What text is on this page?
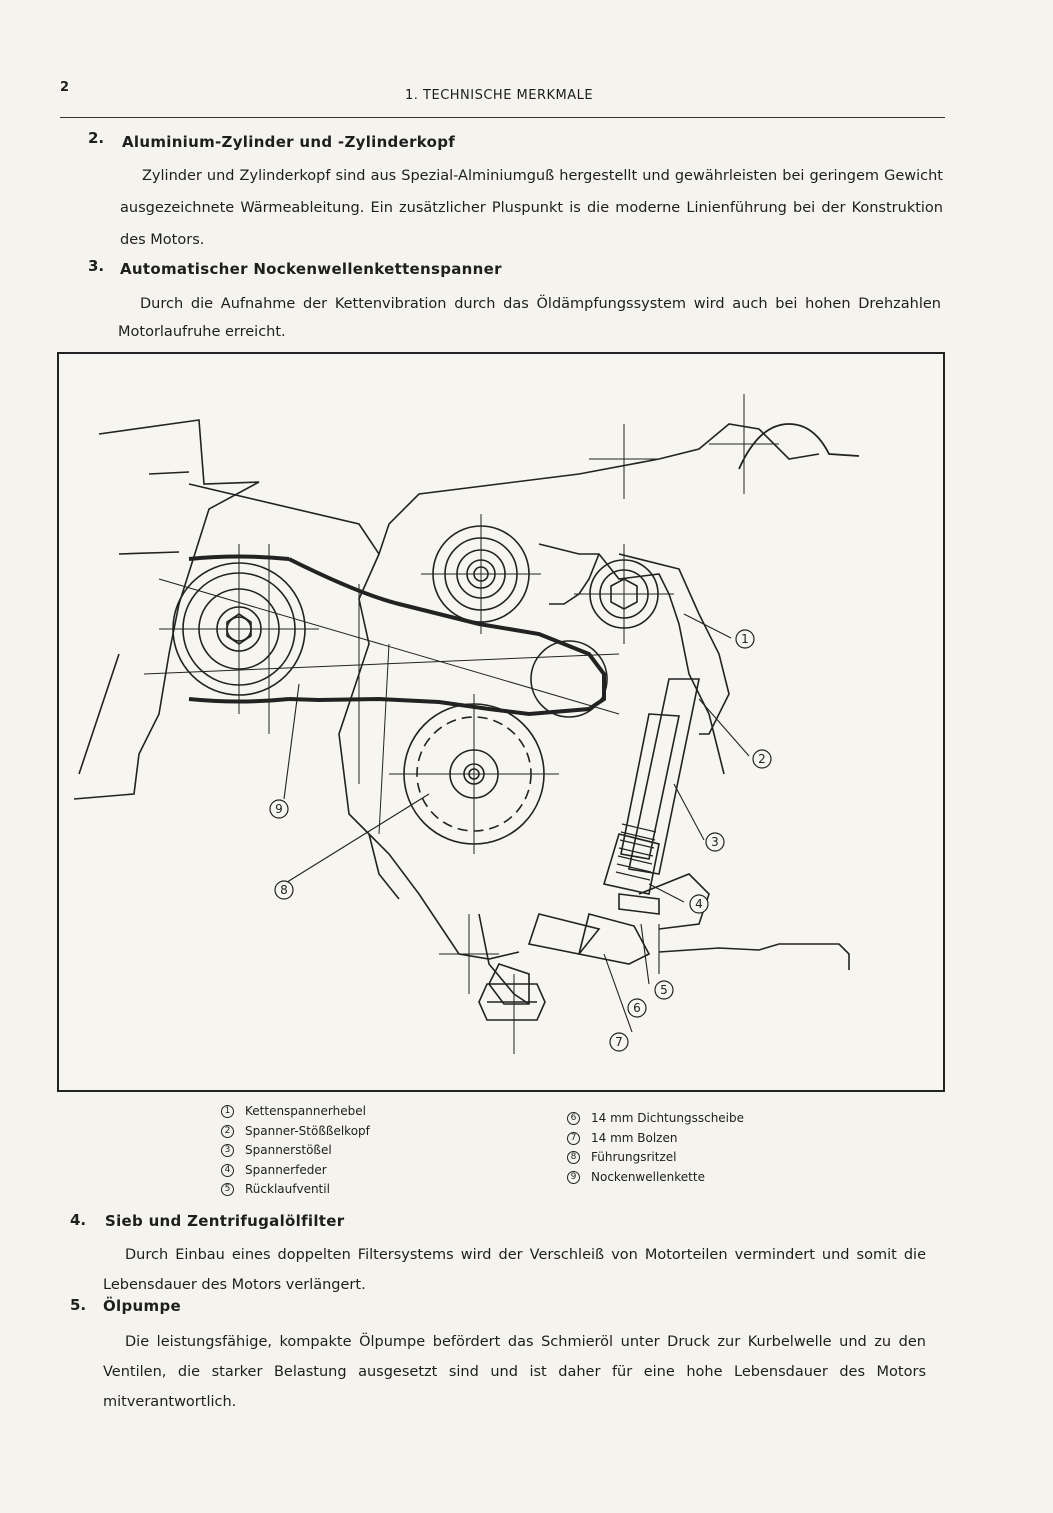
2
1. TECHNISCHE MERKMALE
2. Aluminium-Zylinder und -Zylinderkopf
Zylinder und Zylinderkopf sind aus Spezial-Alminiumguß hergestellt und gewährleisten bei geringem Gewicht ausgezeichnete Wärmeableitung. Ein zusätzlicher Pluspunkt is die moderne Linienführung bei der Konstruktion des Motors.
3. Automatischer Nockenwellenkettenspanner
Durch die Aufnahme der Kettenvibration durch das Öldämpfungssystem wird auch bei hohen Drehzahlen Motorlaufruhe erreicht.
1
2
3
4
5
6
7
8
9
1	Kettenspannerhebel
2	Spanner-Stößßelkopf
3	Spannerstößel
4	Spannerfeder
5	Rücklaufventil
6	14 mm Dichtungsscheibe
7	14 mm Bolzen
8	Führungsritzel
9	Nockenwellenkette
4. Sieb und Zentrifugalölfilter
Durch Einbau eines doppelten Filtersystems wird der Verschleiß von Motorteilen vermindert und somit die Lebensdauer des Motors verlängert.
5. Ölpumpe
Die leistungsfähige, kompakte Ölpumpe befördert das Schmieröl unter Druck zur Kurbelwelle und zu den Ventilen, die starker Belastung ausgesetzt sind und ist daher für eine hohe Lebensdauer des Motors mitverantwortlich.
